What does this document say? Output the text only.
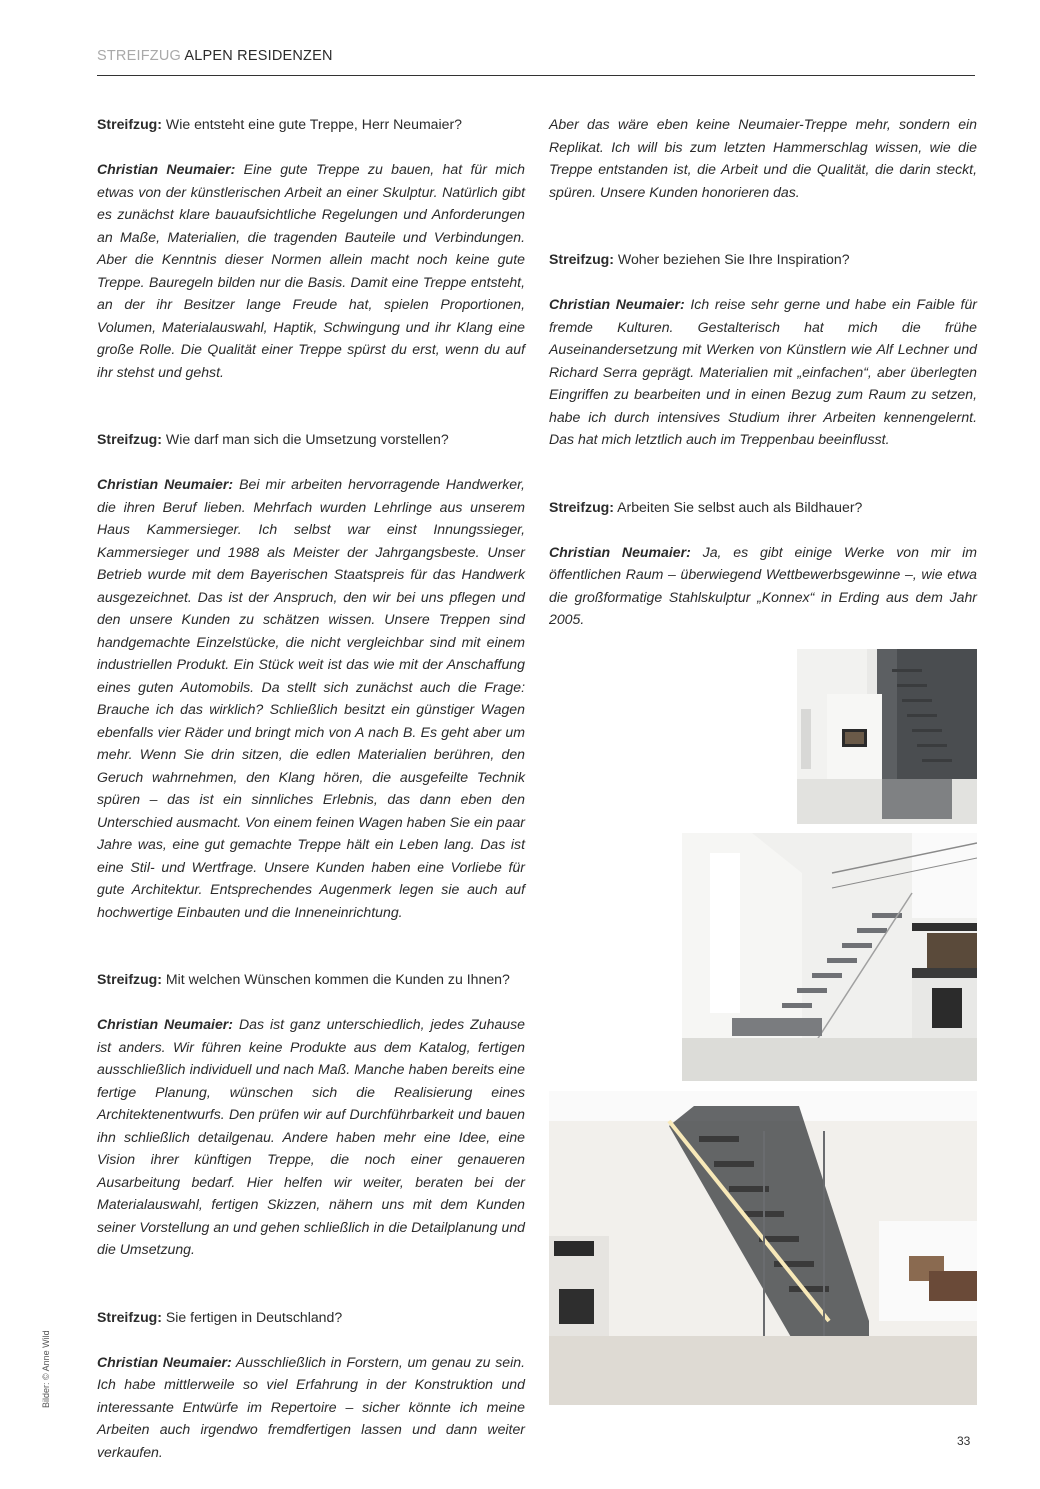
STREIFZUG ALPEN RESIDENZEN

Streifzug: Wie entsteht eine gute Treppe, Herr Neumaier?

Christian Neumaier: Eine gute Treppe zu bauen, hat für mich etwas von der künstlerischen Arbeit an einer Skulptur. Natürlich gibt es zunächst klare bauaufsichtliche Regelungen und Anforderungen an Maße, Materialien, die tragenden Bauteile und Verbindungen. Aber die Kenntnis dieser Normen allein macht noch keine gute Treppe. Bauregeln bilden nur die Basis. Damit eine Treppe entsteht, an der ihr Besitzer lange Freude hat, spielen Proportionen, Volumen, Materialauswahl, Haptik, Schwingung und ihr Klang eine große Rolle. Die Qualität einer Treppe spürst du erst, wenn du auf ihr stehst und gehst.

Streifzug: Wie darf man sich die Umsetzung vorstellen?

Christian Neumaier: Bei mir arbeiten hervorragende Handwerker, die ihren Beruf lieben. Mehrfach wurden Lehrlinge aus unserem Haus Kammersieger. Ich selbst war einst Innungssieger, Kammersieger und 1988 als Meister der Jahrgangsbeste. Unser Betrieb wurde mit dem Bayerischen Staatspreis für das Handwerk ausgezeichnet. Das ist der Anspruch, den wir bei uns pflegen und den unsere Kunden zu schätzen wissen. Unsere Treppen sind handgemachte Einzelstücke, die nicht vergleichbar sind mit einem industriellen Produkt. Ein Stück weit ist das wie mit der Anschaffung eines guten Automobils. Da stellt sich zunächst auch die Frage: Brauche ich das wirklich? Schließlich besitzt ein günstiger Wagen ebenfalls vier Räder und bringt mich von A nach B. Es geht aber um mehr. Wenn Sie drin sitzen, die edlen Materialien berühren, den Geruch wahrnehmen, den Klang hören, die ausgefeilte Technik spüren – das ist ein sinnliches Erlebnis, das dann eben den Unterschied ausmacht. Von einem feinen Wagen haben Sie ein paar Jahre was, eine gut gemachte Treppe hält ein Leben lang. Das ist eine Stil- und Wertfrage. Unsere Kunden haben eine Vorliebe für gute Architektur. Entsprechendes Augenmerk legen sie auch auf hochwertige Einbauten und die Inneneinrichtung.

Streifzug: Mit welchen Wünschen kommen die Kunden zu Ihnen?

Christian Neumaier: Das ist ganz unterschiedlich, jedes Zuhause ist anders. Wir führen keine Produkte aus dem Katalog, fertigen ausschließlich individuell und nach Maß. Manche haben bereits eine fertige Planung, wünschen sich die Realisierung eines Architektenentwurfs. Den prüfen wir auf Durchführbarkeit und bauen ihn schließlich detailgenau. Andere haben mehr eine Idee, eine Vision ihrer künftigen Treppe, die noch einer genaueren Ausarbeitung bedarf. Hier helfen wir weiter, beraten bei der Materialauswahl, fertigen Skizzen, nähern uns mit dem Kunden seiner Vorstellung an und gehen schließlich in die Detailplanung und die Umsetzung.

Streifzug: Sie fertigen in Deutschland?

Christian Neumaier: Ausschließlich in Forstern, um genau zu sein. Ich habe mittlerweile so viel Erfahrung in der Konstruktion und interessante Entwürfe im Repertoire – sicher könnte ich meine Arbeiten auch irgendwo fremdfertigen lassen und dann weiter verkaufen.

Aber das wäre eben keine Neumaier-Treppe mehr, sondern ein Replikat. Ich will bis zum letzten Hammerschlag wissen, wie die Treppe entstanden ist, die Arbeit und die Qualität, die darin steckt, spüren. Unsere Kunden honorieren das.

Streifzug: Woher beziehen Sie Ihre Inspiration?

Christian Neumaier: Ich reise sehr gerne und habe ein Faible für fremde Kulturen. Gestalterisch hat mich die frühe Auseinandersetzung mit Werken von Künstlern wie Alf Lechner und Richard Serra geprägt. Materialien mit „einfachen“, aber überlegten Eingriffen zu bearbeiten und in einen Bezug zum Raum zu setzen, habe ich durch intensives Studium ihrer Arbeiten kennengelernt. Das hat mich letztlich auch im Treppenbau beeinflusst.

Streifzug: Arbeiten Sie selbst auch als Bildhauer?

Christian Neumaier: Ja, es gibt einige Werke von mir im öffentlichen Raum – überwiegend Wettbewerbsgewinne –, wie etwa die großformatige Stahlskulptur „Konnex“ in Erding aus dem Jahr 2005.

Bilder: © Anne Wild
33
